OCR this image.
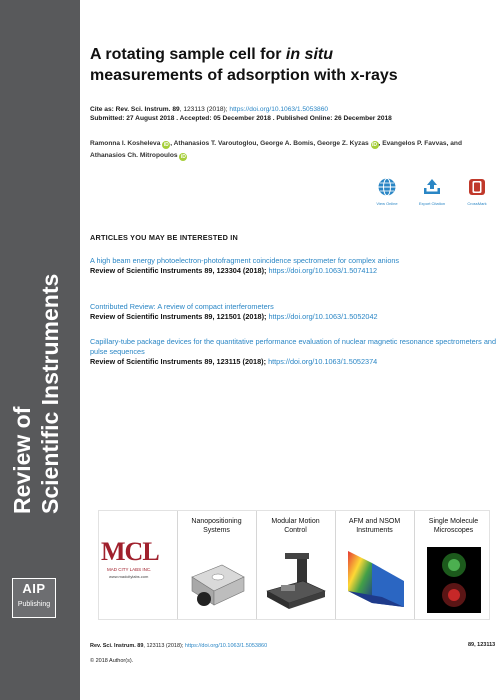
Review of Scientific Instruments
AIP
Publishing
A rotating sample cell for in situ
measurements of adsorption with x-rays
Cite as: Rev. Sci. Instrum. 89, 123113 (2018); https://doi.org/10.1063/1.5053860
Submitted: 27 August 2018 . Accepted: 05 December 2018 . Published Online: 26 December 2018
Ramonna I. Kosheleva iD , Athanasios T. Varoutoglou, George A. Bomis, George Z. Kyzas iD , Evangelos P. Favvas, and Athanasios Ch. Mitropoulos iD
View Online	Export Citation	CrossMark
ARTICLES YOU MAY BE INTERESTED IN
A high beam energy photoelectron-photofragment coincidence spectrometer for complex anions
Review of Scientific Instruments 89, 123304 (2018); https://doi.org/10.1063/1.5074112
Contributed Review: A review of compact interferometers
Review of Scientific Instruments 89, 121501 (2018); https://doi.org/10.1063/1.5052042
Capillary-tube package devices for the quantitative performance evaluation of nuclear magnetic resonance spectrometers and pulse sequences
Review of Scientific Instruments 89, 123115 (2018); https://doi.org/10.1063/1.5052374
MCL
MAD CITY LABS INC.
www.madcitylabs.com
Nanopositioning Systems
Modular Motion Control
AFM and NSOM Instruments
Single Molecule Microscopes
Rev. Sci. Instrum. 89, 123113 (2018); https://doi.org/10.1063/1.5053860	89, 123113
© 2018 Author(s).
